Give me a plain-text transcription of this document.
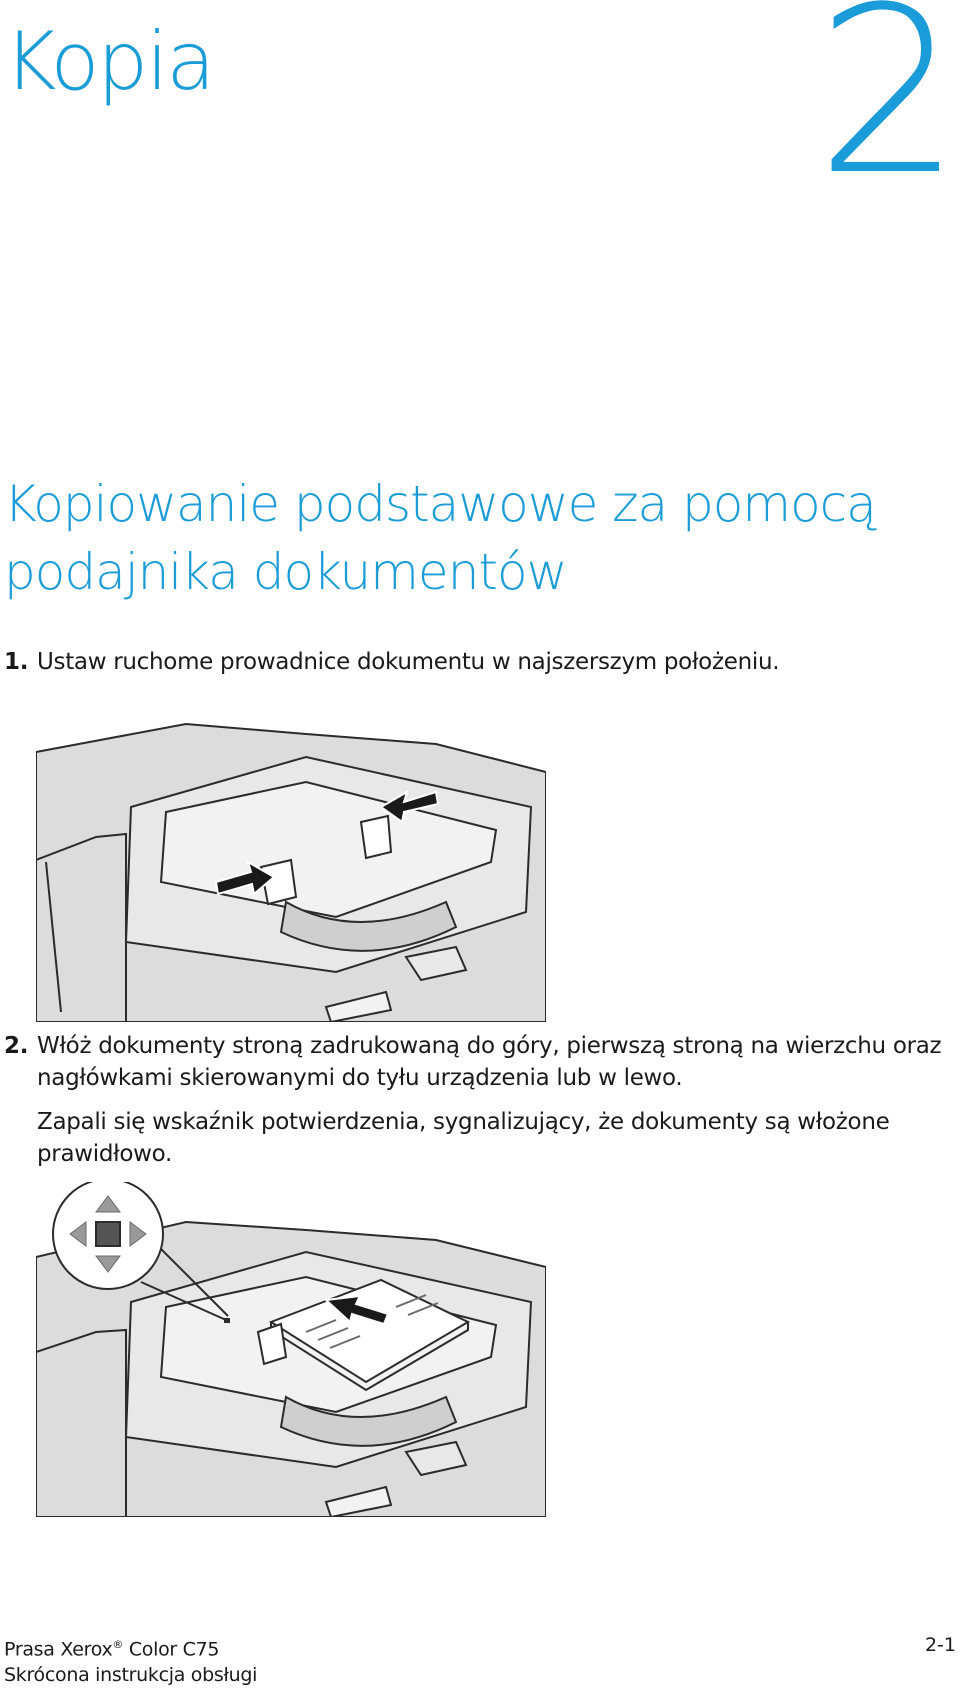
2
Kopia
Kopiowanie podstawowe za pomocą
podajnika dokumentów

1. Ustaw ruchome prowadnice dokumentu w najszerszym położeniu.

2. Włóż dokumenty stroną zadrukowaną do góry, pierwszą stroną na wierzchu oraz nagłówkami skierowanymi do tyłu urządzenia lub w lewo.

Zapali się wskaźnik potwierdzenia, sygnalizujący, że dokumenty są włożone prawidłowo.

Prasa Xerox® Color C75
Skrócona instrukcja obsługi
2-1
